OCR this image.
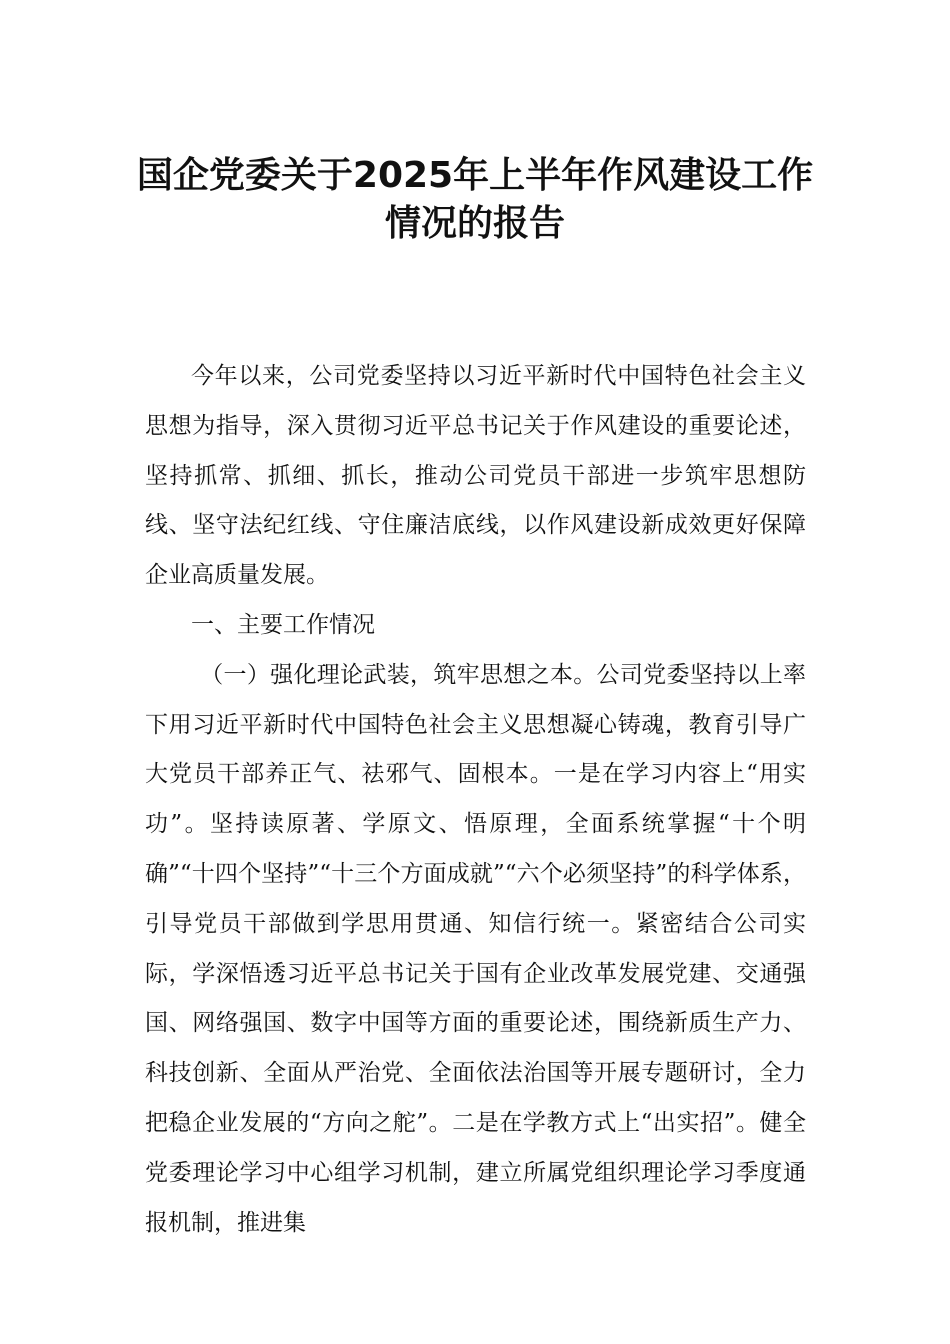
国企党委关于2025年上半年作风建设工作
情况的报告

今年以来，公司党委坚持以习近平新时代中国特色社会主义思想为指导，深入贯彻习近平总书记关于作风建设的重要论述，坚持抓常、抓细、抓长，推动公司党员干部进一步筑牢思想防线、坚守法纪红线、守住廉洁底线，以作风建设新成效更好保障企业高质量发展。

一、主要工作情况

（一）强化理论武装，筑牢思想之本。公司党委坚持以上率下用习近平新时代中国特色社会主义思想凝心铸魂，教育引导广大党员干部养正气、祛邪气、固根本。一是在学习内容上“用实功”。坚持读原著、学原文、悟原理，全面系统掌握“十个明确”“十四个坚持”“十三个方面成就”“六个必须坚持”的科学体系，引导党员干部做到学思用贯通、知信行统一。紧密结合公司实际，学深悟透习近平总书记关于国有企业改革发展党建、交通强国、网络强国、数字中国等方面的重要论述，围绕新质生产力、科技创新、全面从严治党、全面依法治国等开展专题研讨，全力把稳企业发展的“方向之舵”。二是在学教方式上“出实招”。健全党委理论学习中心组学习机制，建立所属党组织理论学习季度通报机制，推进集
